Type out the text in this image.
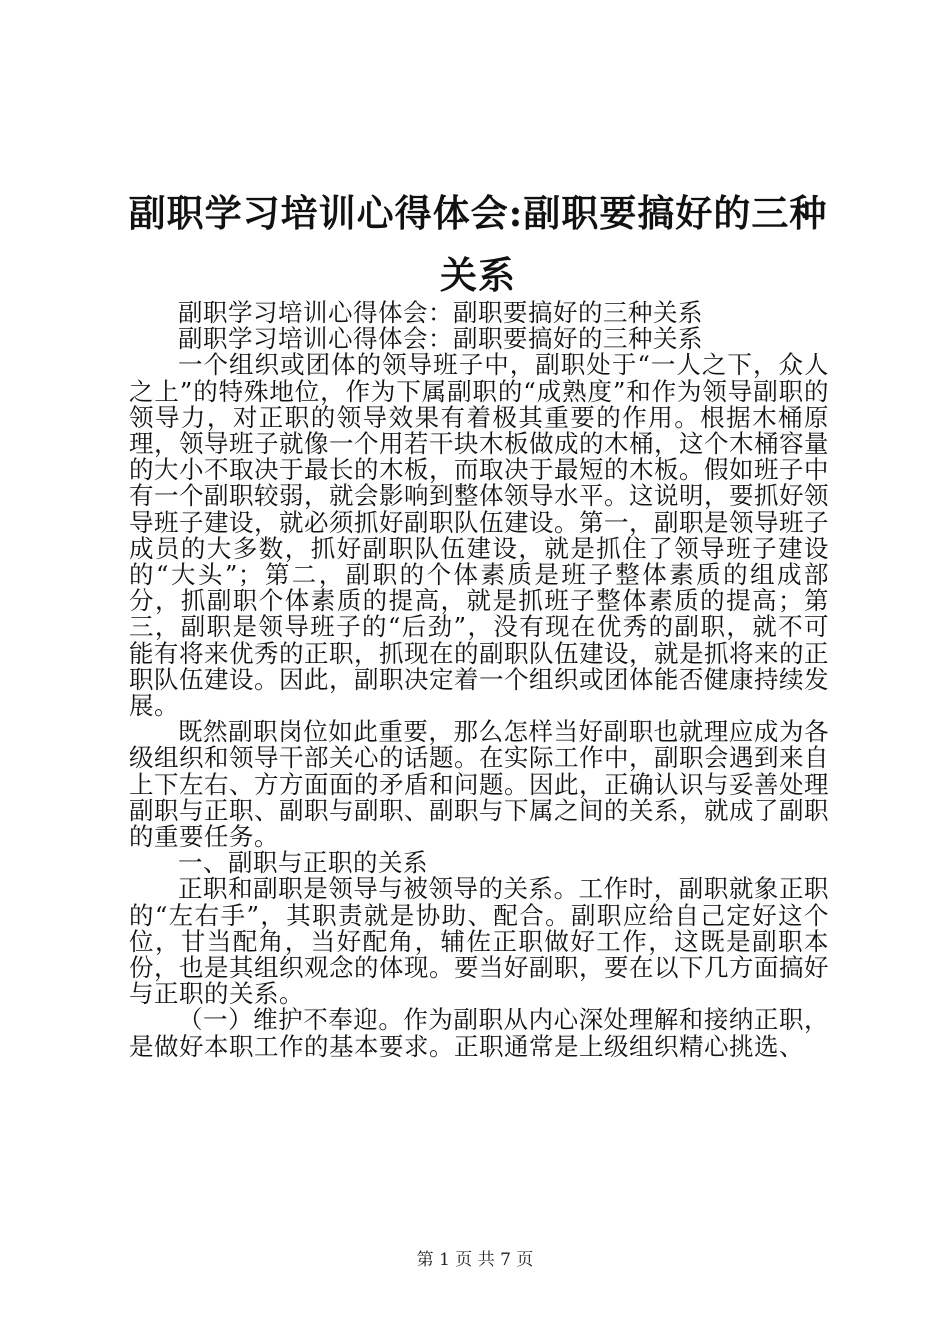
副职学习培训心得体会:副职要搞好的三种关系

副职学习培训心得体会：副职要搞好的三种关系

副职学习培训心得体会：副职要搞好的三种关系

一个组织或团体的领导班子中，副职处于“一人之下，众人之上”的特殊地位，作为下属副职的“成熟度”和作为领导副职的领导力，对正职的领导效果有着极其重要的作用。根据木桶原理，领导班子就像一个用若干块木板做成的木桶，这个木桶容量的大小不取决于最长的木板，而取决于最短的木板。假如班子中有一个副职较弱，就会影响到整体领导水平。这说明，要抓好领导班子建设，就必须抓好副职队伍建设。第一，副职是领导班子成员的大多数，抓好副职队伍建设，就是抓住了领导班子建设的“大头”；第二，副职的个体素质是班子整体素质的组成部分，抓副职个体素质的提高，就是抓班子整体素质的提高；第三，副职是领导班子的“后劲”，没有现在优秀的副职，就不可能有将来优秀的正职，抓现在的副职队伍建设，就是抓将来的正职队伍建设。因此，副职决定着一个组织或团体能否健康持续发展。

既然副职岗位如此重要，那么怎样当好副职也就理应成为各级组织和领导干部关心的话题。在实际工作中，副职会遇到来自上下左右、方方面面的矛盾和问题。因此，正确认识与妥善处理副职与正职、副职与副职、副职与下属之间的关系，就成了副职的重要任务。

一、副职与正职的关系

正职和副职是领导与被领导的关系。工作时，副职就象正职的“左右手”，其职责就是协助、配合。副职应给自己定好这个位，甘当配角，当好配角，辅佐正职做好工作，这既是副职本份，也是其组织观念的体现。要当好副职，要在以下几方面搞好与正职的关系。

（一）维护不奉迎。作为副职从内心深处理解和接纳正职，是做好本职工作的基本要求。正职通常是上级组织精心挑选、

第 1 页 共 7 页
